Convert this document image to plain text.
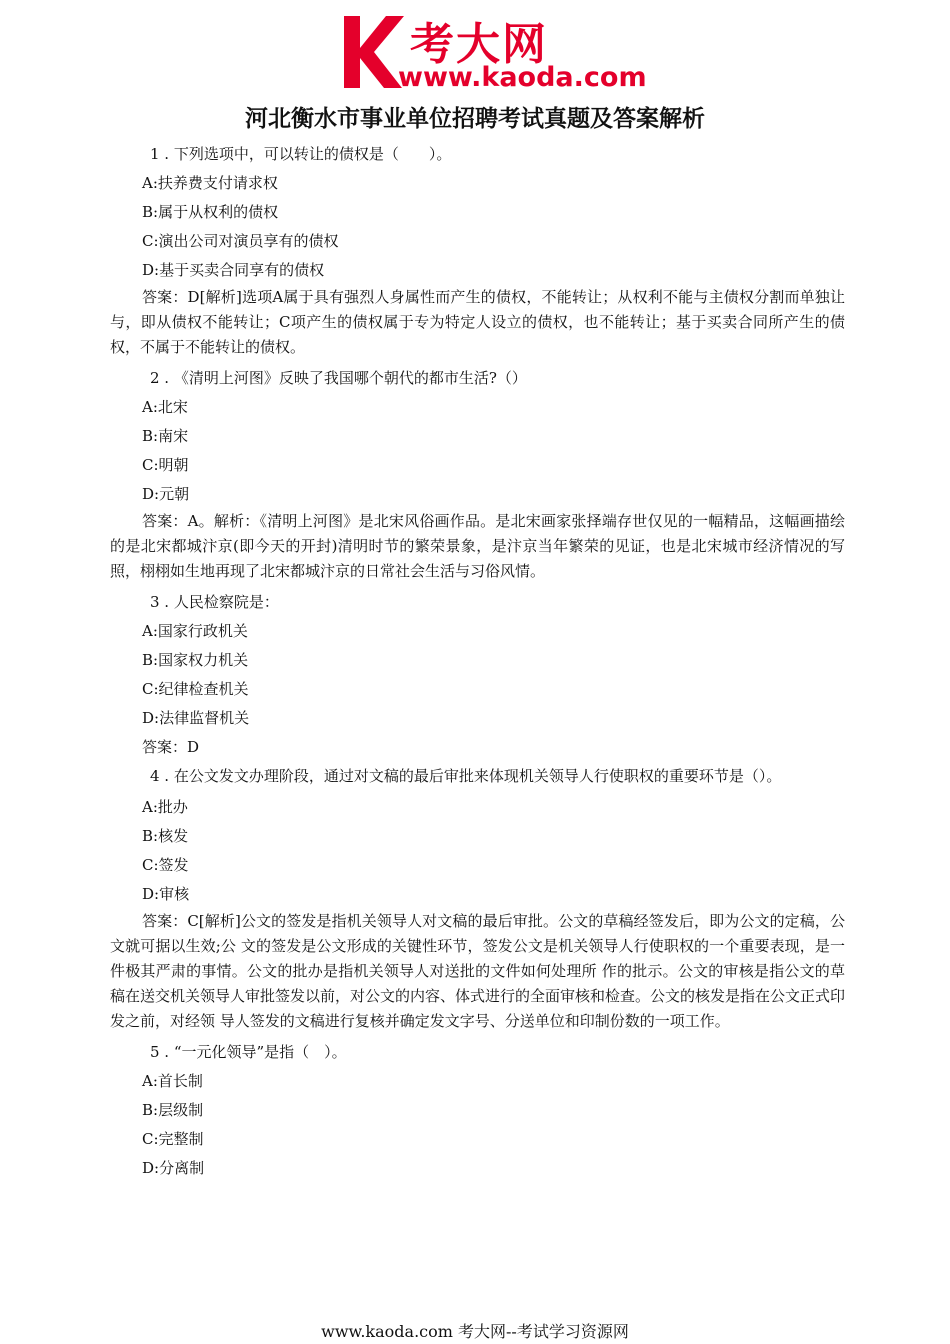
考大网
www.kaoda.com
河北衡水市事业单位招聘考试真题及答案解析

1 . 下列选项中，可以转让的债权是（　　）。

A:扶养费支付请求权

B:属于从权利的债权

C:演出公司对演员享有的债权

D:基于买卖合同享有的债权

答案：D[解析]选项A属于具有强烈人身属性而产生的债权，不能转让；从权利不能与主债权分割而单独让与，即从债权不能转让；C项产生的债权属于专为特定人设立的债权，也不能转让；基于买卖合同所产生的债权，不属于不能转让的债权。

2 . 《清明上河图》反映了我国哪个朝代的都市生活?（）

A:北宋

B:南宋

C:明朝

D:元朝

答案：A。解析：《清明上河图》是北宋风俗画作品。是北宋画家张择端存世仅见的一幅精品，这幅画描绘的是北宋都城汴京(即今天的开封)清明时节的繁荣景象，是汴京当年繁荣的见证，也是北宋城市经济情况的写照，栩栩如生地再现了北宋都城汴京的日常社会生活与习俗风情。

3 . 人民检察院是：

A:国家行政机关

B:国家权力机关

C:纪律检查机关

D:法律监督机关

答案：D

4 . 在公文发文办理阶段，通过对文稿的最后审批来体现机关领导人行使职权的重要环节是（）。

A:批办

B:核发

C:签发

D:审核

答案：C[解析]公文的签发是指机关领导人对文稿的最后审批。公文的草稿经签发后，即为公文的定稿，公文就可据以生效;公 文的签发是公文形成的关键性环节，签发公文是机关领导人行使职权的一个重要表现，是一件极其严肃的事情。公文的批办是指机关领导人对送批的文件如何处理所 作的批示。公文的审核是指公文的草稿在送交机关领导人审批签发以前，对公文的内容、体式进行的全面审核和检查。公文的核发是指在公文正式印发之前，对经领 导人签发的文稿进行复核并确定发文字号、分送单位和印制份数的一项工作。

5 . “一元化领导”是指（　）。

A:首长制

B:层级制

C:完整制

D:分离制

www.kaoda.com 考大网--考试学习资源网
